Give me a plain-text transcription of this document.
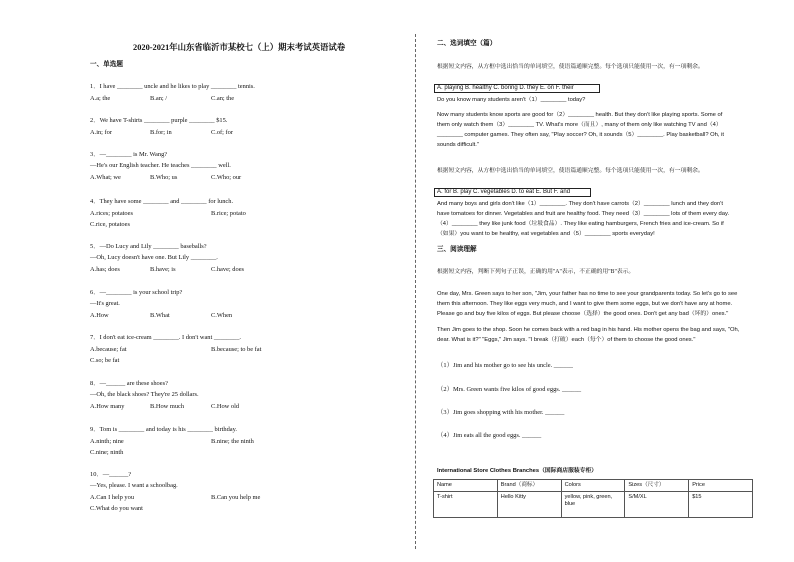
2020-2021年山东省临沂市某校七（上）期末考试英语试卷
一、单选题
1．I have ________ uncle and he likes to play ________ tennis.
A.a; the	B.an; /	C.an; the
2．We have T-shirts ________ purple ________ $15.
A.in; for	B.for; in	C.of; for
3．—________ is Mr. Wang?
—He's our English teacher. He teaches ________ well.
A.What; we	B.Who; us	C.Who; our
4．They have some ________ and ________ for lunch.
A.rices; potatoes	B.rice; potato
C.rice, potatoes
5．—Do Lucy and Lily ________ baseballs?
—Oh, Lucy doesn't have one. But Lily ________.
A.has; does	B.have; is	C.have; does
6．—________ is your school trip?
—It's great.
A.How	B.What	C.When
7．I don't eat ice-cream ________. I don't want ________.
A.because; fat	B.because; to be fat
C.so; be fat
8．—______ are these shoes?
—Oh, the black shoes? They're 25 dollars.
A.How many	B.How much	C.How old
9．Tom is ________ and today is his ________ birthday.
A.ninth; nine	B.nine; the ninth
C.nine; ninth
10．—______?
—Yes, please. I want a schoolbag.
A.Can I help you	B.Can you help me
C.What do you want
二、选词填空（篇）
根据短文内容，从方框中选出恰当的单词填空，使语篇通顺完整。每个选项只能使用一次，有一项剩余。
A. playing B. healthy C. boring D. they E. on F. their
Do you know many students aren't（1）________ today?
Now many students know sports are good for（2）________ health. But they don't like playing sports. Some of
them only watch them（3）________ TV. What's more（而且）, many of them only like watching TV and（4）
________ computer games. They often say, "Play soccer? Oh, it sounds（5）________. Play basketball? Oh, it
sounds difficult."
根据短文内容，从方框中选出恰当的单词填空，使语篇通顺完整。每个选项只能使用一次，有一项剩余。
A. for B. play C. vegetables D. to eat E. But F. and
And many boys and girls don't like（1）________. They don't have carrots（2）________ lunch and they don't
have tomatoes for dinner. Vegetables and fruit are healthy food. They need（3）________ lots of them every day.
（4）________ they like junk food（垃圾食品）. They like eating hamburgers, French fries and ice-cream. So if
（如果）you want to be healthy, eat vegetables and（5）________ sports everyday!
三、阅读理解
根据短文内容，判断下列句子正误，正确的用"A"表示，不正确的用"B"表示。
One day, Mrs. Green says to her son, "Jim, your father has no time to see your grandparents today. So let's go to see
them this afternoon. They like eggs very much, and I want to give them some eggs, but we don't have any at home.
Please go and buy five kilos of eggs. But please choose（选择）the good ones. Don't get any bad（坏的）ones."
Then Jim goes to the shop. Soon he comes back with a red bag in his hand. His mother opens the bag and says, "Oh,
dear. What is it?" "Eggs," Jim says. "I break（打破）each（每个）of them to choose the good ones."
（1）Jim and his mother go to see his uncle. ______
（2）Mrs. Green wants five kilos of good eggs. ______
（3）Jim goes shopping with his mother. ______
（4）Jim eats all the good eggs. ______
International Store Clothes Branches（国际商店服装专柜）
Name	Brand（商标）	Colors	Sizes（尺寸）	Price
T-shirt	Hello Kitty	yellow, pink, green, blue	S/M/XL	$15
